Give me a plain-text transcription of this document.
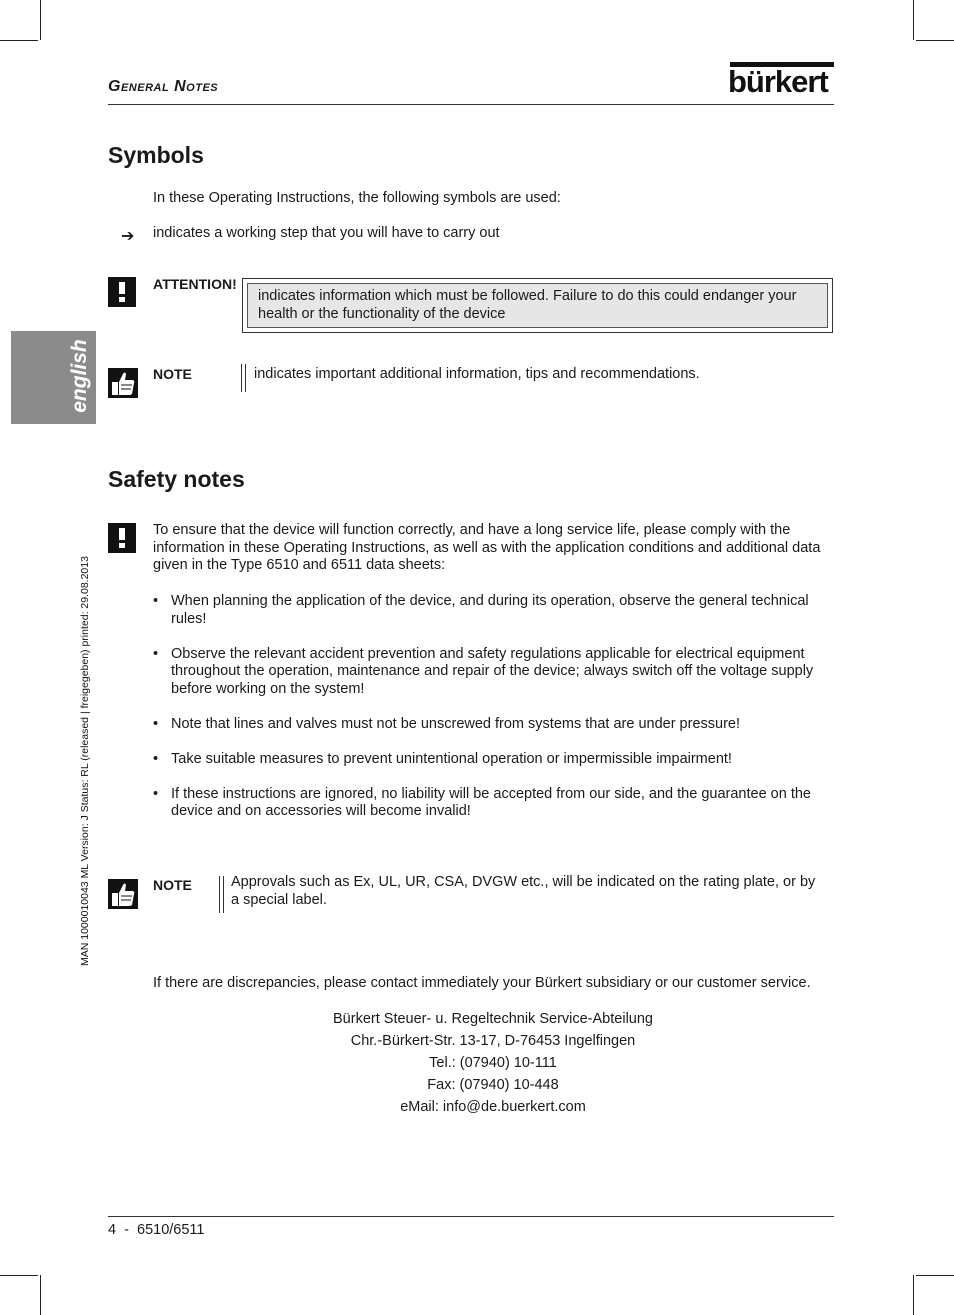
General Notes	bürkert
english
MAN 1000010043 ML Version: J Status: RL (released | freigegeben) printed: 29.08.2013
Symbols
In these Operating Instructions, the following symbols are used:
➔ indicates a working step that you will have to carry out
ATTENTION!
indicates information which must be followed. Failure to do this could endanger your health or the functionality of the device
NOTE	indicates important additional information, tips and recommendations.
Safety notes
To ensure that the device will function correctly, and have a long service life, please comply with the information in these Operating Instructions, as well as with the application conditions and additional data given in the Type 6510 and 6511 data sheets:
• When planning the application of the device, and during its operation, observe the general technical rules!
• Observe the relevant accident prevention and safety regulations applicable for electrical equipment throughout the operation, maintenance and repair of the device; always switch off the voltage supply before working on the system!
• Note that lines and valves must not be unscrewed from systems that are under pressure!
• Take suitable measures to prevent unintentional operation or impermissible impairment!
• If these instructions are ignored, no liability will be accepted from our side, and the guarantee on the device and on accessories will become invalid!
NOTE	Approvals such as Ex, UL, UR, CSA, DVGW etc., will be indicated on the rating plate, or by a special label.
If there are discrepancies, please contact immediately your Bürkert subsidiary or our customer service.
Bürkert Steuer- u. Regeltechnik Service-Abteilung
Chr.-Bürkert-Str. 13-17, D-76453 Ingelfingen
Tel.: (07940) 10-111
Fax: (07940) 10-448
eMail: info@de.buerkert.com
4  -  6510/6511
